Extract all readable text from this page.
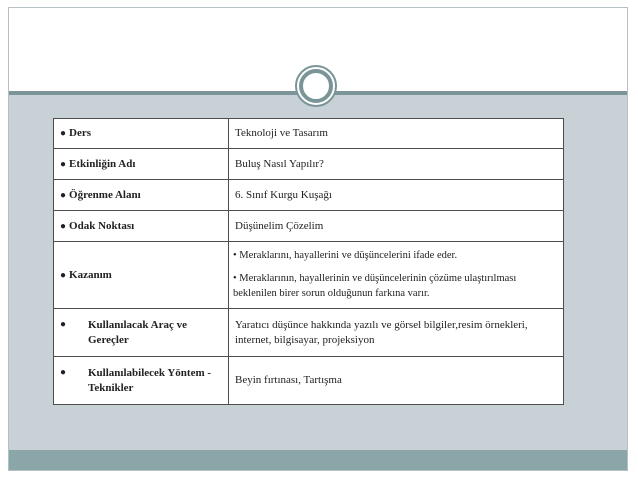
● Ders	Teknoloji ve Tasarım
● Etkinliğin Adı	Buluş Nasıl Yapılır?
● Öğrenme Alanı	6. Sınıf Kurgu Kuşağı
● Odak Noktası	Düşünelim Çözelim
● Kazanım	• Meraklarını, hayallerini ve düşüncelerini ifade eder.

• Meraklarının, hayallerinin ve düşüncelerinin çözüme ulaştırılması beklenilen birer sorun olduğunun farkına varır.

● Kullanılacak Araç ve Gereçler	Yaratıcı düşünce hakkında yazılı ve görsel bilgiler,resim örnekleri, internet, bilgisayar, projeksiyon

● Kullanılabilecek Yöntem - Teknikler	Beyin fırtınası, Tartışma
